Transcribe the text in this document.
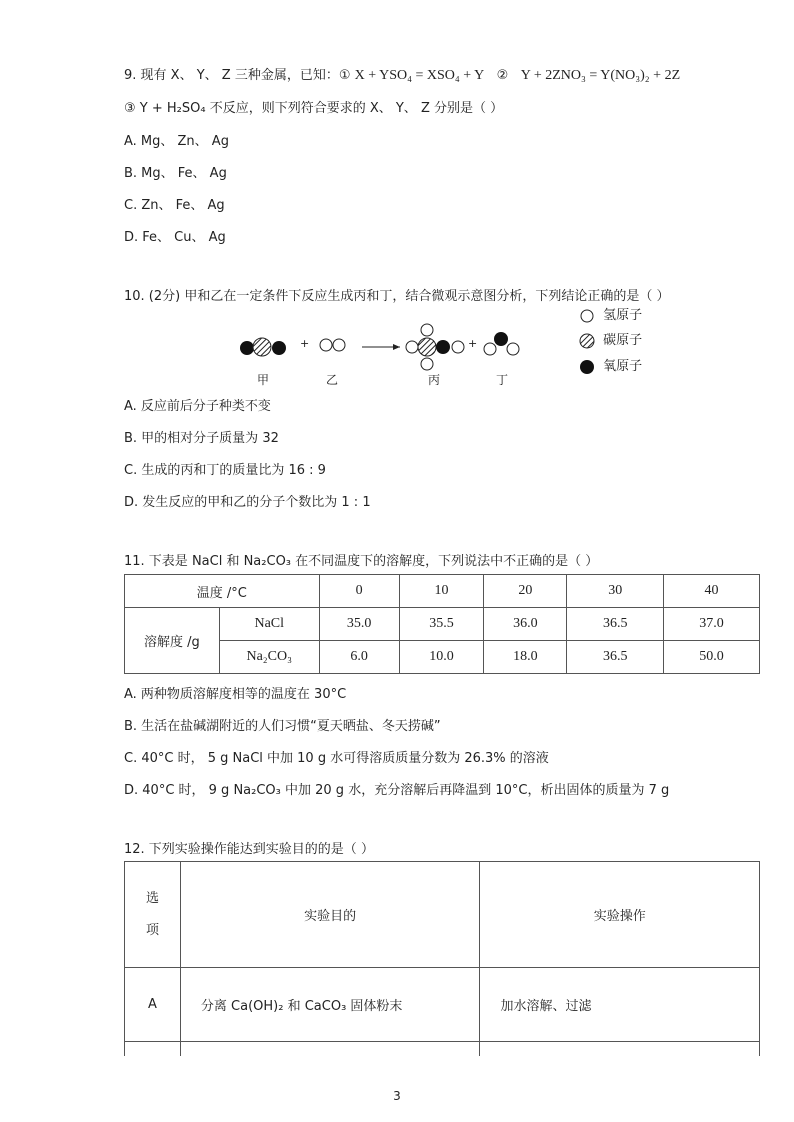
9. 现有 X、 Y、 Z 三种金属，已知：① X + YSO₄ = XSO₄ + Y   ②   Y + 2ZNO₃ = Y(NO₃)₂ + 2Z
③ Y + H₂SO₄ 不反应，则下列符合要求的 X、 Y、 Z 分别是（ ）
A. Mg、 Zn、 Ag
B. Mg、 Fe、 Ag
C. Zn、 Fe、 Ag
D. Fe、 Cu、 Ag
10. (2分) 甲和乙在一定条件下反应生成丙和丁，结合微观示意图分析，下列结论正确的是（ ）
+	+
甲	乙	丙	丁
氢原子
碳原子
氧原子
A. 反应前后分子种类不变
B. 甲的相对分子质量为 32
C. 生成的丙和丁的质量比为 16 : 9
D. 发生反应的甲和乙的分子个数比为 1 : 1
11. 下表是 NaCl 和 Na₂CO₃ 在不同温度下的溶解度，下列说法中不正确的是（ ）
温度 /°C		0	10	20	30	40
溶解度 /g	NaCl	35.0	35.5	36.0	36.5	37.0
	Na₂CO₃	6.0	10.0	18.0	36.5	50.0
A. 两种物质溶解度相等的温度在 30°C
B. 生活在盐碱湖附近的人们习惯“夏天晒盐、冬天捞碱”
C. 40°C 时， 5 g NaCl 中加 10 g 水可得溶质质量分数为 26.3% 的溶液
D. 40°C 时， 9 g Na₂CO₃ 中加 20 g 水，充分溶解后再降温到 10°C，析出固体的质量为 7 g
12. 下列实验操作能达到实验目的的是（ ）
选
项	实验目的	实验操作
A	分离 Ca(OH)₂ 和 CaCO₃ 固体粉末	加水溶解、过滤

3
